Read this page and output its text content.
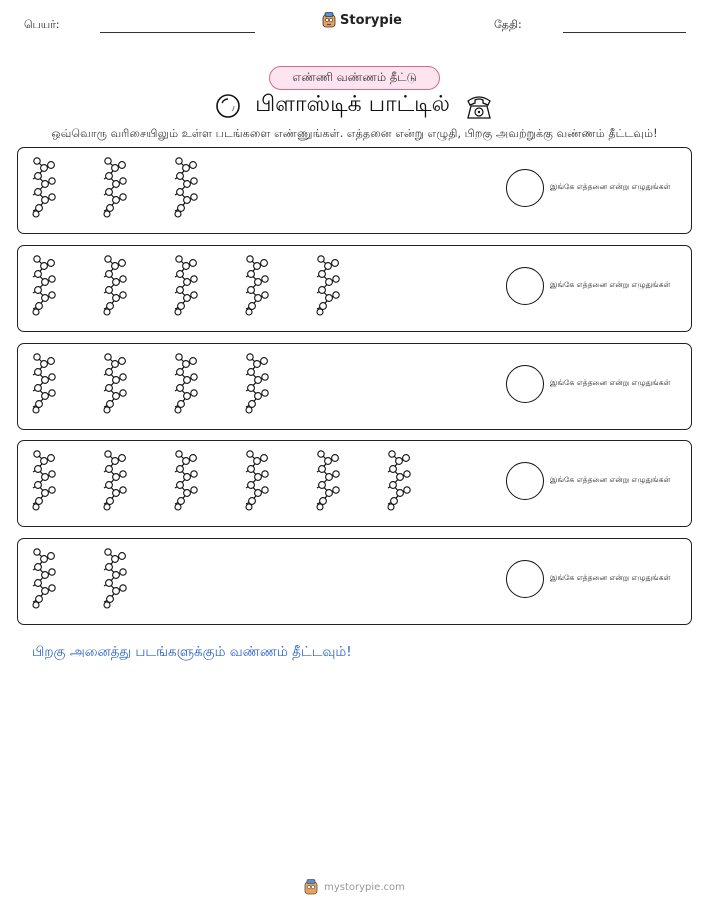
பெயர்:	Storypie	தேதி:
எண்ணி வண்ணம் தீட்டு
பிளாஸ்டிக் பாட்டில்
ஒவ்வொரு வரிசையிலும் உள்ள படங்களை எண்ணுங்கள். எத்தனை என்று எழுதி, பிறகு அவற்றுக்கு வண்ணம் தீட்டவும்!
இங்கே எத்தனை என்று எழுதுங்கள்
இங்கே எத்தனை என்று எழுதுங்கள்
இங்கே எத்தனை என்று எழுதுங்கள்
இங்கே எத்தனை என்று எழுதுங்கள்
இங்கே எத்தனை என்று எழுதுங்கள்
பிறகு அனைத்து படங்களுக்கும் வண்ணம் தீட்டவும்!
mystorypie.com
